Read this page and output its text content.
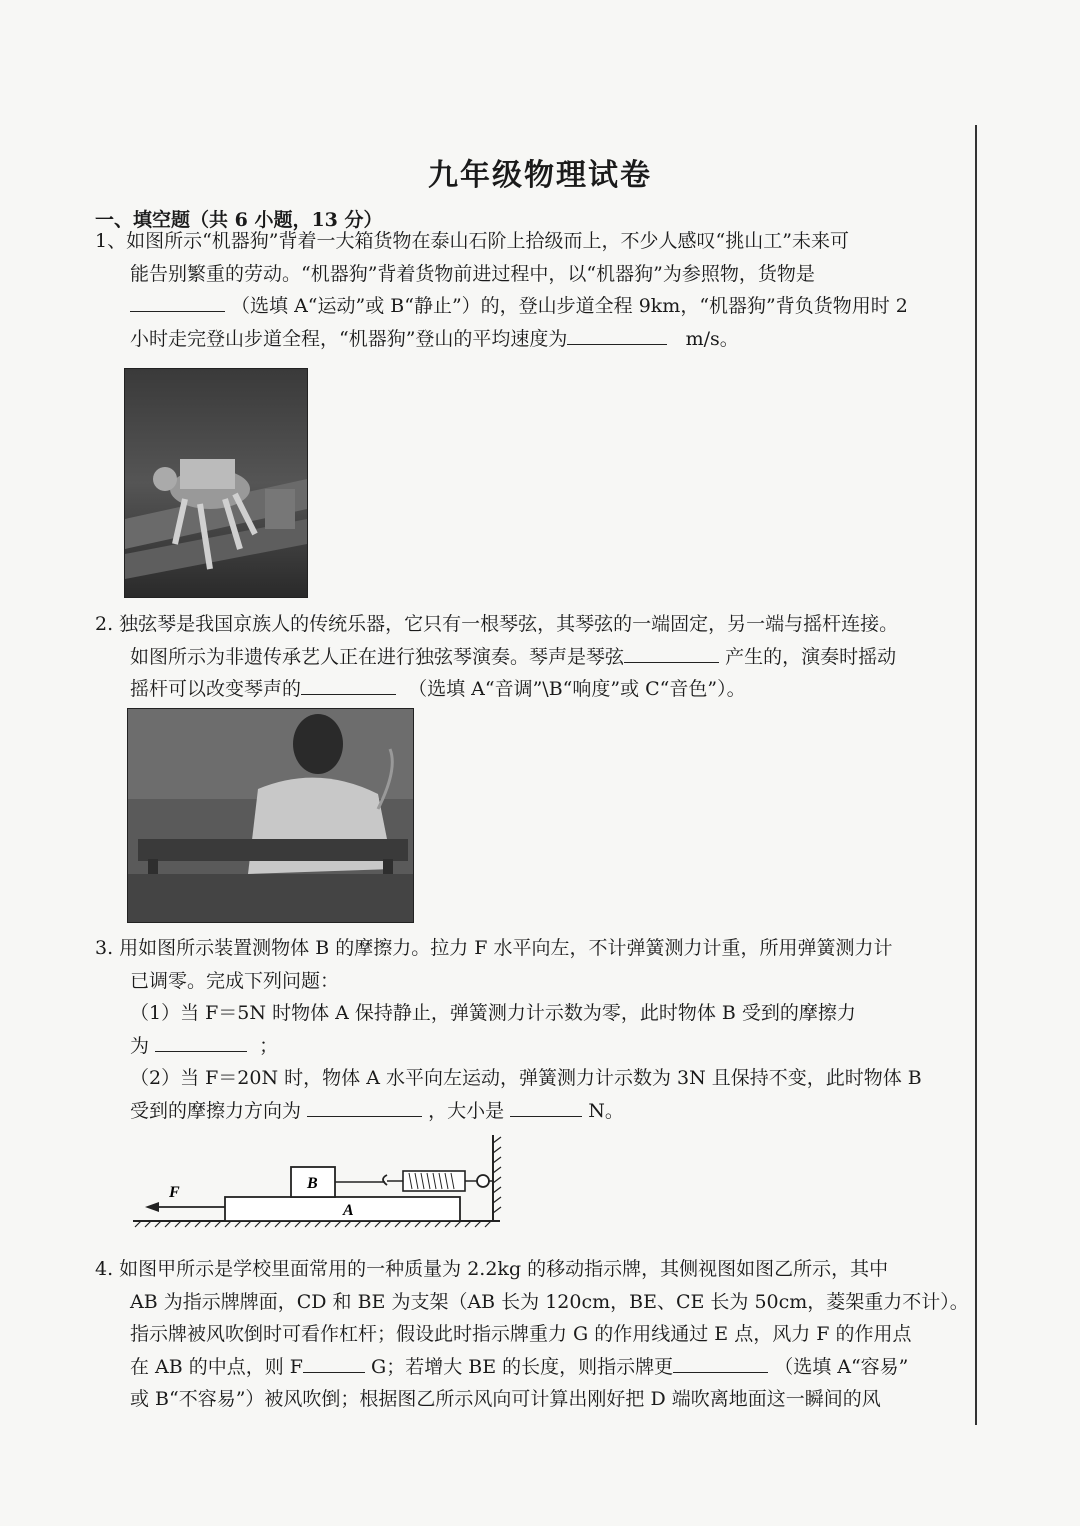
九年级物理试卷
一、填空题（共 6 小题，13 分）
1、如图所示“机器狗”背着一大箱货物在泰山石阶上拾级而上，不少人感叹“挑山工”未来可
能告别繁重的劳动。“机器狗”背着货物前进过程中，以“机器狗”为参照物，货物是
（选填 A“运动”或 B“静止”）的，登山步道全程 9km，“机器狗”背负货物用时 2
小时走完登山步道全程，“机器狗”登山的平均速度为	m/s。
2. 独弦琴是我国京族人的传统乐器，它只有一根琴弦，其琴弦的一端固定，另一端与摇杆连接。
如图所示为非遗传承艺人正在进行独弦琴演奏。琴声是琴弦	产生的，演奏时摇动
摇杆可以改变琴声的	（选填 A“音调”\B“响度”或 C“音色”）。
3. 用如图所示装置测物体 B 的摩擦力。拉力 F 水平向左，不计弹簧测力计重，所用弹簧测力计
已调零。完成下列问题：
（1）当 F＝5N 时物体 A 保持静止，弹簧测力计示数为零，此时物体 B 受到的摩擦力
为	；
（2）当 F＝20N 时，物体 A 水平向左运动，弹簧测力计示数为 3N 且保持不变，此时物体 B
受到的摩擦力方向为	，大小是	N。
A
B
F
4. 如图甲所示是学校里面常用的一种质量为 2.2kg 的移动指示牌，其侧视图如图乙所示，其中
AB 为指示牌牌面，CD 和 BE 为支架（AB 长为 120cm，BE、CE 长为 50cm，菱架重力不计）。
指示牌被风吹倒时可看作杠杆；假设此时指示牌重力 G 的作用线通过 E 点，风力 F 的作用点
在 AB 的中点，则 F	G；若增大 BE 的长度，则指示牌更	（选填 A“容易”
或 B“不容易”）被风吹倒；根据图乙所示风向可计算出刚好把 D 端吹离地面这一瞬间的风
